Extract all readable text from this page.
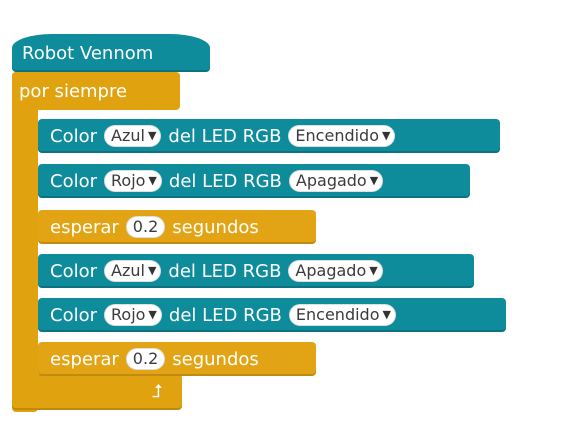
Robot Vennom
por siempre
⮥
Color Azul ▼ del LED RGB Encendido ▼
Color Rojo ▼ del LED RGB Apagado ▼
esperar 0.2 segundos
Color Azul ▼ del LED RGB Apagado ▼
Color Rojo ▼ del LED RGB Encendido ▼
esperar 0.2 segundos
